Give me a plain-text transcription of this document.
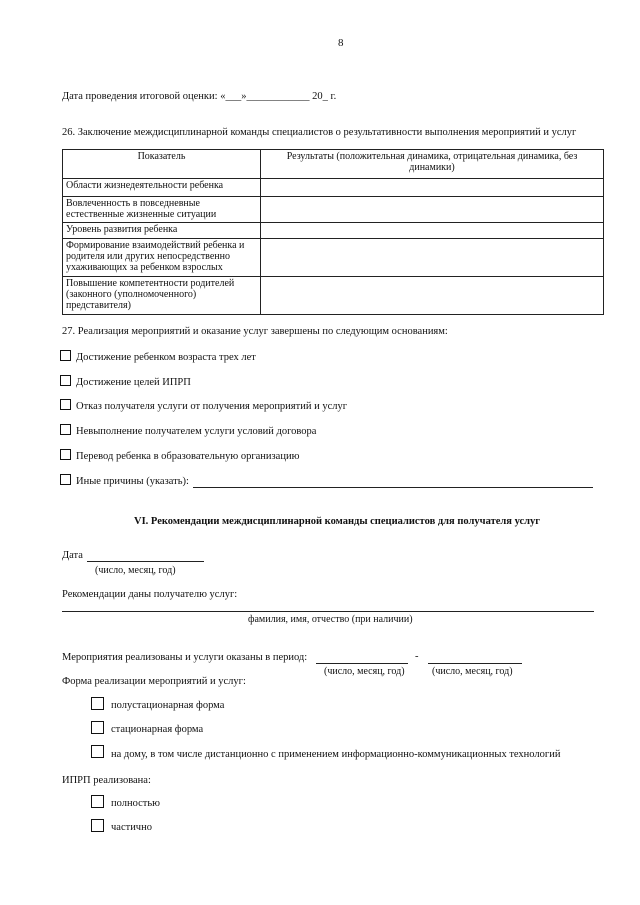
8
Дата проведения итоговой оценки: «___»____________ 20_ г.
26. Заключение междисциплинарной команды специалистов о результативности выполнения мероприятий и услуг
Показатель	Результаты (положительная динамика, отрицательная динамика, без динамики)
Области жизнедеятельности ребенка	
Вовлеченность в повседневные естественные жизненные ситуации	
Уровень развития ребенка	
Формирование взаимодействий ребенка и родителя или других непосредственно ухаживающих за ребенком взрослых	
Повышение компетентности родителей (законного (уполномоченного) представителя)	
27. Реализация мероприятий и оказание услуг завершены по следующим основаниям:
Достижение ребенком возраста трех лет
Достижение целей ИПРП
Отказ получателя услуги от получения мероприятий и услуг
Невыполнение получателем услуги условий договора
Перевод ребенка в образовательную организацию
Иные причины (указать):
VI. Рекомендации междисциплинарной команды специалистов для получателя услуг
Дата
(число, месяц, год)
Рекомендации даны получателю услуг:
фамилия, имя, отчество (при наличии)
Мероприятия реализованы и услуги оказаны в период:	-
(число, месяц, год)	(число, месяц, год)
Форма реализации мероприятий и услуг:
полустационарная форма
стационарная форма
на дому, в том числе дистанционно с применением информационно-коммуникационных технологий
ИПРП реализована:
полностью
частично
